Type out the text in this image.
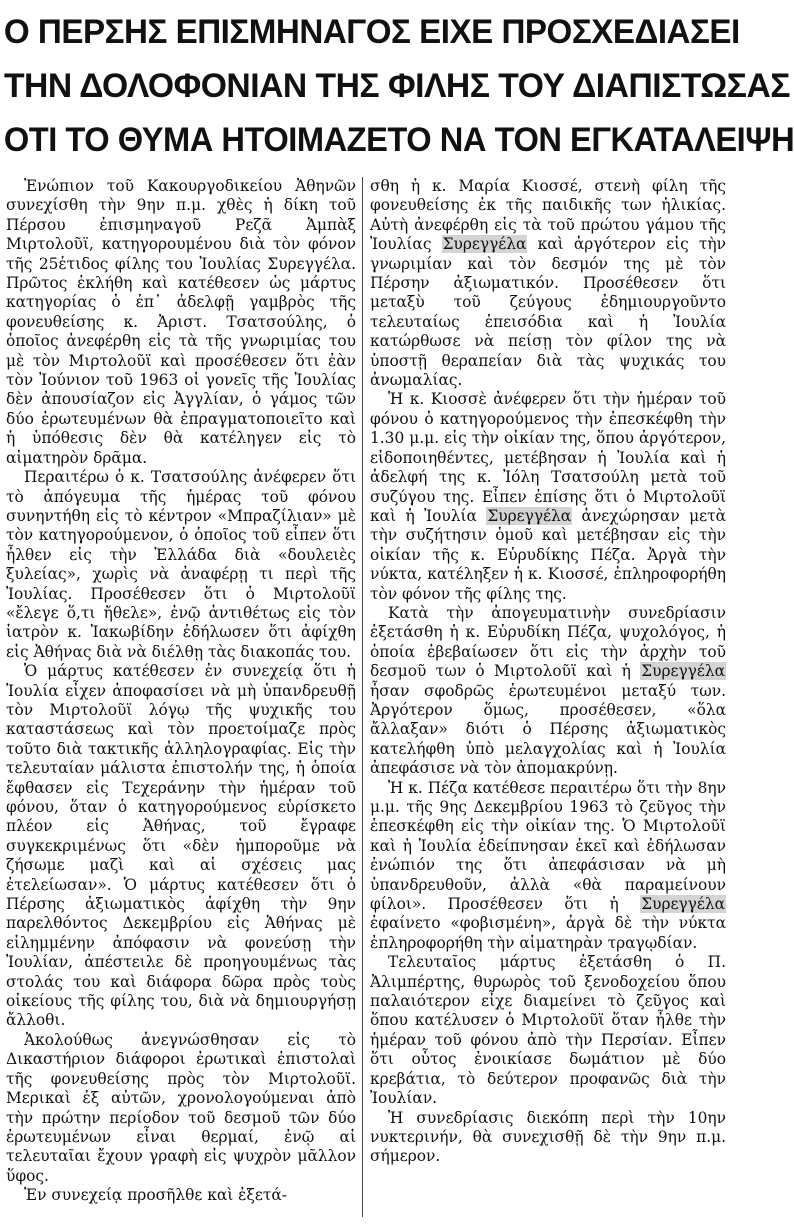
Ο ΠΕΡΣΗΣ ΕΠΙΣΜΗΝΑΓΟΣ ΕΙΧΕ ΠΡΟΣΧΕΔΙΑΣΕΙ
ΤΗΝ ΔΟΛΟΦΟΝΙΑΝ ΤΗΣ ΦΙΛΗΣ ΤΟΥ ΔΙΑΠΙΣΤΩΣΑΣ
ΟΤΙ ΤΟ ΘΥΜΑ ΗΤΟΙΜΑΖΕΤΟ ΝΑ ΤΟΝ ΕΓΚΑΤΑΛΕΙΨΗ

Ἐνώπιον τοῦ Κακουργοδικείου Ἀθηνῶν συνεχίσθη τὴν 9ην π.μ. χθὲς ἡ δίκη τοῦ Πέρσου ἐπισμηναγοῦ Ρεζᾶ Ἀμπὰξ Μιρτολοῦϊ, κατηγορουμένου διὰ τὸν φόνον τῆς 25ἐτιδος φίλης του Ἰουλίας Συρεγγέλα. Πρῶτος ἐκλήθη καὶ κατέθεσεν ὡς μάρτυς κατηγορίας ὁ ἐπ᾽ ἀδελφῇ γαμβρὸς τῆς φονευθείσης κ. Ἀριστ. Τσατσούλης, ὁ ὁποῖος ἀνεφέρθη εἰς τὰ τῆς γνωριμίας του μὲ τὸν Μιρτολοῦϊ καὶ προσέθεσεν ὅτι ἐὰν τὸν Ἰούνιον τοῦ 1963 οἱ γονεῖς τῆς Ἰουλίας δὲν ἀπουσίαζον εἰς Ἀγγλίαν, ὁ γάμος τῶν δύο ἐρωτευμένων θὰ ἐπραγματοποιεῖτο καὶ ἡ ὑπόθεσις δὲν θὰ κατέληγεν εἰς τὸ αἱματηρὸν δρᾶμα.

Περαιτέρω ὁ κ. Τσατσούλης ἀνέφερεν ὅτι τὸ ἀπόγευμα τῆς ἡμέρας τοῦ φόνου συνηντήθη εἰς τὸ κέντρον «Μπραζίλιαν» μὲ τὸν κατηγορούμενον, ὁ ὁποῖος τοῦ εἶπεν ὅτι ἦλθεν εἰς τὴν Ἑλλάδα διὰ «δουλειὲς ξυλείας», χωρὶς νὰ ἀναφέρῃ τι περὶ τῆς Ἰουλίας. Προσέθεσεν ὅτι ὁ Μιρτολοῦϊ «ἔλεγε ὅ,τι ἤθελε», ἐνῷ ἀντιθέτως εἰς τὸν ἰατρὸν κ. Ἰακωβίδην ἐδήλωσεν ὅτι ἀφίχθη εἰς Ἀθήνας διὰ νὰ διέλθῃ τὰς διακοπάς του.

Ὁ μάρτυς κατέθεσεν ἐν συνεχείᾳ ὅτι ἡ Ἰουλία εἶχεν ἀποφασίσει νὰ μὴ ὑπανδρευθῇ τὸν Μιρτολοῦϊ λόγῳ τῆς ψυχικῆς του καταστάσεως καὶ τὸν προετοίμαζε πρὸς τοῦτο διὰ τακτικῆς ἀλληλογραφίας. Εἰς τὴν τελευταίαν μάλιστα ἐπιστολήν της, ἡ ὁποία ἔφθασεν εἰς Τεχεράνην τὴν ἡμέραν τοῦ φόνου, ὅταν ὁ κατηγορούμενος εὑρίσκετο πλέον εἰς Ἀθήνας, τοῦ ἔγραφε συγκεκριμένως ὅτι «δὲν ἠμποροῦμε νὰ ζήσωμε μαζὶ καὶ αἱ σχέσεις μας ἐτελείωσαν». Ὁ μάρτυς κατέθεσεν ὅτι ὁ Πέρσης ἀξιωματικὸς ἀφίχθη τὴν 9ην παρελθόντος Δεκεμβρίου εἰς Ἀθήνας μὲ εἰλημμένην ἀπόφασιν νὰ φονεύσῃ τὴν Ἰουλίαν, ἀπέστειλε δὲ προηγουμένως τὰς στολάς του καὶ διάφορα δῶρα πρὸς τοὺς οἰκείους τῆς φίλης του, διὰ νὰ δημιουργήσῃ ἄλλοθι.

Ἀκολούθως ἀνεγνώσθησαν εἰς τὸ Δικαστήριον διάφοροι ἐρωτικαὶ ἐπιστολαὶ τῆς φονευθείσης πρὸς τὸν Μιρτολοῦϊ. Μερικαὶ ἐξ αὐτῶν, χρονολογούμεναι ἀπὸ τὴν πρώτην περίοδον τοῦ δεσμοῦ τῶν δύο ἐρωτευμένων εἶναι θερμαί, ἐνῷ αἱ τελευταῖαι ἔχουν γραφὴ εἰς ψυχρὸν μᾶλλον ὕφος.

Ἐν συνεχείᾳ προσῆλθε καὶ ἐξετά-

σθη ἡ κ. Μαρία Κιοσσέ, στενὴ φίλη τῆς φονευθείσης ἐκ τῆς παιδικῆς των ἡλικίας. Αὐτὴ ἀνεφέρθη εἰς τὰ τοῦ πρώτου γάμου τῆς Ἰουλίας Συρεγγέλα καὶ ἀργότερον εἰς τὴν γνωριμίαν καὶ τὸν δεσμόν της μὲ τὸν Πέρσην ἀξιωματικόν. Προσέθεσεν ὅτι μεταξὺ τοῦ ζεύγους ἐδημιουργοῦντο τελευταίως ἐπεισόδια καὶ ἡ Ἰουλία κατώρθωσε νὰ πείσῃ τὸν φίλον της νὰ ὑποστῇ θεραπείαν διὰ τὰς ψυχικάς του ἀνωμαλίας.

Ἡ κ. Κιοσσὲ ἀνέφερεν ὅτι τὴν ἡμέραν τοῦ φόνου ὁ κατηγορούμενος τὴν ἐπεσκέφθη τὴν 1.30 μ.μ. εἰς τὴν οἰκίαν της, ὅπου ἀργότερον, εἰδοποιηθέντες, μετέβησαν ἡ Ἰουλία καὶ ἡ ἀδελφή της κ. Ἰόλη Τσατσούλη μετὰ τοῦ συζύγου της. Εἶπεν ἐπίσης ὅτι ὁ Μιρτολοῦϊ καὶ ἡ Ἰουλία Συρεγγέλα ἀνεχώρησαν μετὰ τὴν συζήτησιν ὁμοῦ καὶ μετέβησαν εἰς τὴν οἰκίαν τῆς κ. Εὐρυδίκης Πέζα. Ἀργὰ τὴν νύκτα, κατέληξεν ἡ κ. Κιοσσέ, ἐπληροφορήθη τὸν φόνον τῆς φίλης της.

Κατὰ τὴν ἀπογευματινὴν συνεδρίασιν ἐξετάσθη ἡ κ. Εὐρυδίκη Πέζα, ψυχολόγος, ἡ ὁποία ἐβεβαίωσεν ὅτι εἰς τὴν ἀρχὴν τοῦ δεσμοῦ των ὁ Μιρτολοῦϊ καὶ ἡ Συρεγγέλα ἦσαν σφοδρῶς ἐρωτευμένοι μεταξύ των. Ἀργότερον ὅμως, προσέθεσεν, «ὅλα ἄλλαξαν» διότι ὁ Πέρσης ἀξιωματικὸς κατελήφθη ὑπὸ μελαγχολίας καὶ ἡ Ἰουλία ἀπεφάσισε νὰ τὸν ἀπομακρύνῃ.

Ἡ κ. Πέζα κατέθεσε περαιτέρω ὅτι τὴν 8ην μ.μ. τῆς 9ης Δεκεμβρίου 1963 τὸ ζεῦγος τὴν ἐπεσκέφθη εἰς τὴν οἰκίαν της. Ὁ Μιρτολοῦϊ καὶ ἡ Ἰουλία ἐδείπνησαν ἐκεῖ καὶ ἐδήλωσαν ἐνώπιόν της ὅτι ἀπεφάσισαν νὰ μὴ ὑπανδρευθοῦν, ἀλλὰ «θὰ παραμείνουν φίλοι». Προσέθεσεν ὅτι ἡ Συρεγγέλα ἐφαίνετο «φοβισμένη», ἀργὰ δὲ τὴν νύκτα ἐπληροφορήθη τὴν αἱματηρὰν τραγῳδίαν.

Τελευταῖος μάρτυς ἐξετάσθη ὁ Π. Ἀλιμπέρτης, θυρωρὸς τοῦ ξενοδοχείου ὅπου παλαιότερον εἶχε διαμείνει τὸ ζεῦγος καὶ ὅπου κατέλυσεν ὁ Μιρτολοῦϊ ὅταν ἦλθε τὴν ἡμέραν τοῦ φόνου ἀπὸ τὴν Περσίαν. Εἶπεν ὅτι οὗτος ἐνοικίασε δωμάτιον μὲ δύο κρεβάτια, τὸ δεύτερον προφανῶς διὰ τὴν Ἰουλίαν.

Ἡ συνεδρίασις διεκόπη περὶ τὴν 10ην νυκτερινήν, θὰ συνεχισθῇ δὲ τὴν 9ην π.μ. σήμερον.
